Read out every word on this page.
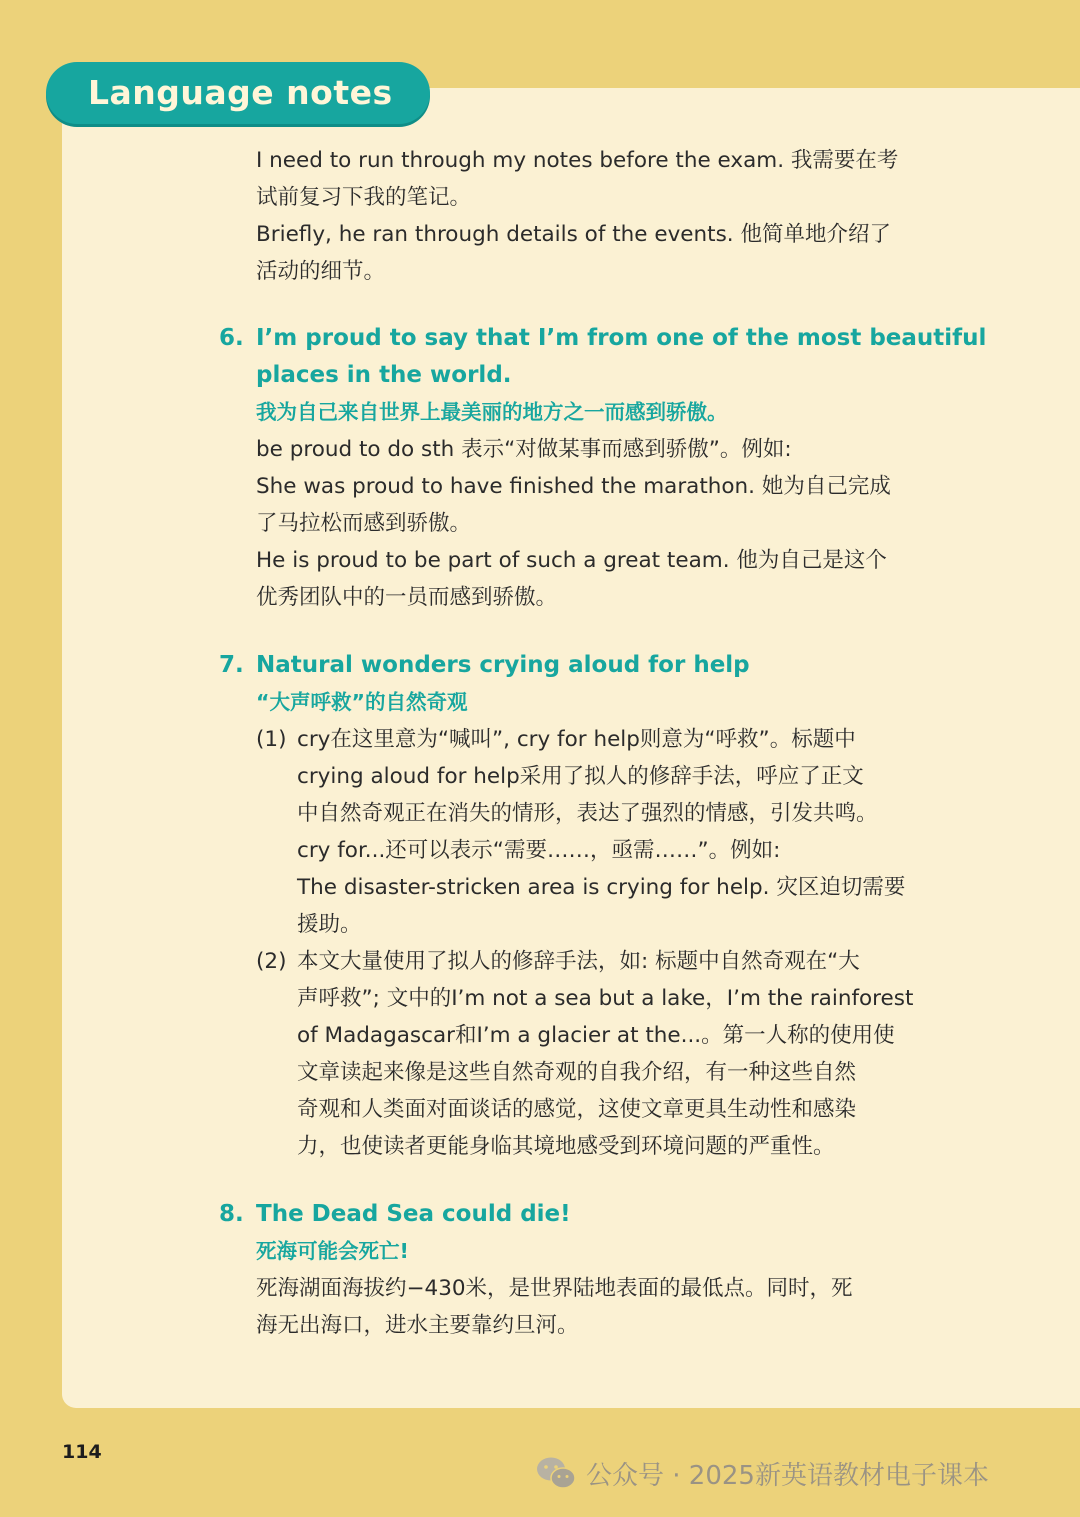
Language notes

I need to run through my notes before the exam. 我需要在考

试前复习下我的笔记。

Briefly, he ran through details of the events. 他简单地介绍了

活动的细节。

6. I’m proud to say that I’m from one of the most beautiful

places in the world.

我为自己来自世界上最美丽的地方之一而感到骄傲。

be proud to do sth 表示“对做某事而感到骄傲”。例如:

She was proud to have finished the marathon. 她为自己完成

了马拉松而感到骄傲。

He is proud to be part of such a great team. 他为自己是这个

优秀团队中的一员而感到骄傲。

7. Natural wonders crying aloud for help

“大声呼救”的自然奇观

(1) cry在这里意为“喊叫”, cry for help则意为“呼救”。标题中

crying aloud for help采用了拟人的修辞手法，呼应了正文

中自然奇观正在消失的情形，表达了强烈的情感，引发共鸣。

cry for...还可以表示“需要……，亟需……”。例如:

The disaster-stricken area is crying for help. 灾区迫切需要

援助。

(2) 本文大量使用了拟人的修辞手法，如: 标题中自然奇观在“大

声呼救”; 文中的I’m not a sea but a lake，I’m the rainforest

of Madagascar和I’m a glacier at the...。第一人称的使用使

文章读起来像是这些自然奇观的自我介绍，有一种这些自然

奇观和人类面对面谈话的感觉，这使文章更具生动性和感染

力，也使读者更能身临其境地感受到环境问题的严重性。

8. The Dead Sea could die!

死海可能会死亡!

死海湖面海拔约−430米，是世界陆地表面的最低点。同时，死

海无出海口，进水主要靠约旦河。

114

公众号 · 2025新英语教材电子课本
